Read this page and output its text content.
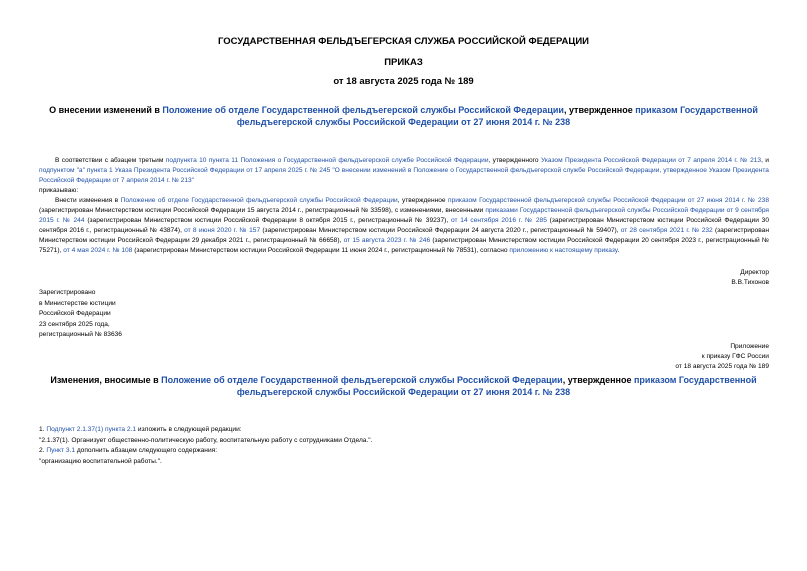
ГОСУДАРСТВЕННАЯ ФЕЛЬДЪЕГЕРСКАЯ СЛУЖБА РОССИЙСКОЙ ФЕДЕРАЦИИ
ПРИКАЗ
от 18 августа 2025 года № 189
О внесении изменений в Положение об отделе Государственной фельдъегерской службы Российской Федерации, утвержденное приказом Государственной фельдъегерской службы Российской Федерации от 27 июня 2014 г. № 238
В соответствии с абзацем третьим подпункта 10 пункта 11 Положения о Государственной фельдъегерской службе Российской Федерации, утвержденного Указом Президента Российской Федерации от 7 апреля 2014 г. № 213, и подпунктом "а" пункта 1 Указа Президента Российской Федерации от 17 апреля 2025 г. № 245 "О внесении изменений в Положение о Государственной фельдъегерской службе Российской Федерации, утвержденное Указом Президента Российской Федерации от 7 апреля 2014 г. № 213"
приказываю:
Внести изменения в Положение об отделе Государственной фельдъегерской службы Российской Федерации, утвержденное приказом Государственной фельдъегерской службы Российской Федерации от 27 июня 2014 г. № 238 (зарегистрирован Министерством юстиции Российской Федерации 15 августа 2014 г., регистрационный № 33598), с изменениями, внесенными приказами Государственной фельдъегерской службы Российской Федерации от 9 сентября 2015 г. № 244 (зарегистрирован Министерством юстиции Российской Федерации 8 октября 2015 г., регистрационный № 39237), от 14 сентября 2016 г. № 285 (зарегистрирован Министерством юстиции Российской Федерации 30 сентября 2016 г., регистрационный № 43874), от 8 июня 2020 г. № 157 (зарегистрирован Министерством юстиции Российской Федерации 24 августа 2020 г., регистрационный № 59407), от 28 сентября 2021 г. № 232 (зарегистрирован Министерством юстиции Российской Федерации 29 декабря 2021 г., регистрационный № 66658), от 15 августа 2023 г. № 246 (зарегистрирован Министерством юстиции Российской Федерации 20 сентября 2023 г., регистрационный № 75271), от 4 мая 2024 г. № 108 (зарегистрирован Министерством юстиции Российской Федерации 11 июня 2024 г., регистрационный № 78531), согласно приложению к настоящему приказу.

Директор

В.В.Тихонов

Зарегистрировано

в Министерстве юстиции

Российской Федерации

23 сентября 2025 года,

регистрационный № 83636

Приложение

к приказу ГФС России

от 18 августа 2025 года № 189

Изменения, вносимые в Положение об отделе Государственной фельдъегерской службы Российской Федерации, утвержденное приказом Государственной фельдъегерской службы Российской Федерации от 27 июня 2014 г. № 238

1. Подпункт 2.1.37(1) пункта 2.1 изложить в следующей редакции:

"2.1.37(1). Организует общественно-политическую работу, воспитательную работу с сотрудниками Отдела.".

2. Пункт 3.1 дополнить абзацем следующего содержания:

"организацию воспитательной работы.".
